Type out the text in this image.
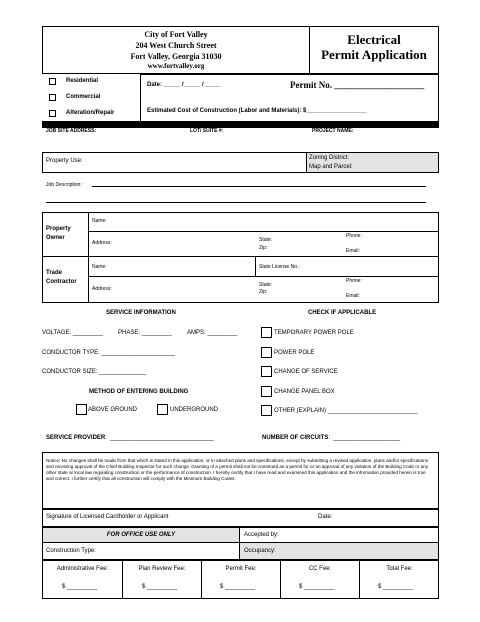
City of Fort Valley
204 West Church Street
Fort Valley, Georgia 31030
www.fortvalley.org
Electrical
Permit Application
Residential
Commercial
Alteration/Repair
Date: _____ /_____ /_____	Permit No. ____________________
Estimated Cost of Construction (Labor and Materials): $__________________
JOB SITE ADDRESS:	LOT/ SUITE #:	PROJECT NAME:
Property Use:	Zoning District:
Map and Parcel:
Job Description:
Property
Owner
Name:
Address:	State:
Zip:
Phone:
Email:
Trade
Contractor
Name:	State License No.:
Address:
State:
Zip:
Phone:
Email:
SERVICE INFORMATION
VOLTAGE: _________	PHASE: _________	AMPS: _________
CONDUCTOR TYPE: ______________________
CONDUCTOR SIZE: ______________
METHOD OF ENTERING BUILDING
ABOVE GROUND	UNDERGROUND
CHECK IF APPLICABLE
TEMPORARY POWER POLE
POWER POLE
CHANGE OF SERVICE
CHANGE PANEL BOX
OTHER (EXPLAIN) ___________________________
SERVICE PROVIDER:  _______________________________	NUMBER OF CIRCUITS:  ____________________
Notice: No changes shall be made from that which is stated in this application, or in attached plans and specifications, except by submitting a revised application, plans and/or specifications and receiving approval of the Chief Building Inspector for such change. Granting of a permit shall not be construed as a permit for or an approval of any violation of the Building Code or any other state or local law regulating construction or the performance of construction. I hereby certify that I have read and examined this application and the information provided herein is true and correct. I further certify that all construction will comply with the Minimum Building Codes.
Signature of Licensed Cardholder or Applicant	Date:
FOR OFFICE USE ONLY	Accepted by:
Construction Type:	Occupancy:
Administrative Fee:
$ _________
Plan Review Fee:
$ _________
Permit Fee:
$ _________
CC Fee:
$ _________
Total Fee:
$ _________
